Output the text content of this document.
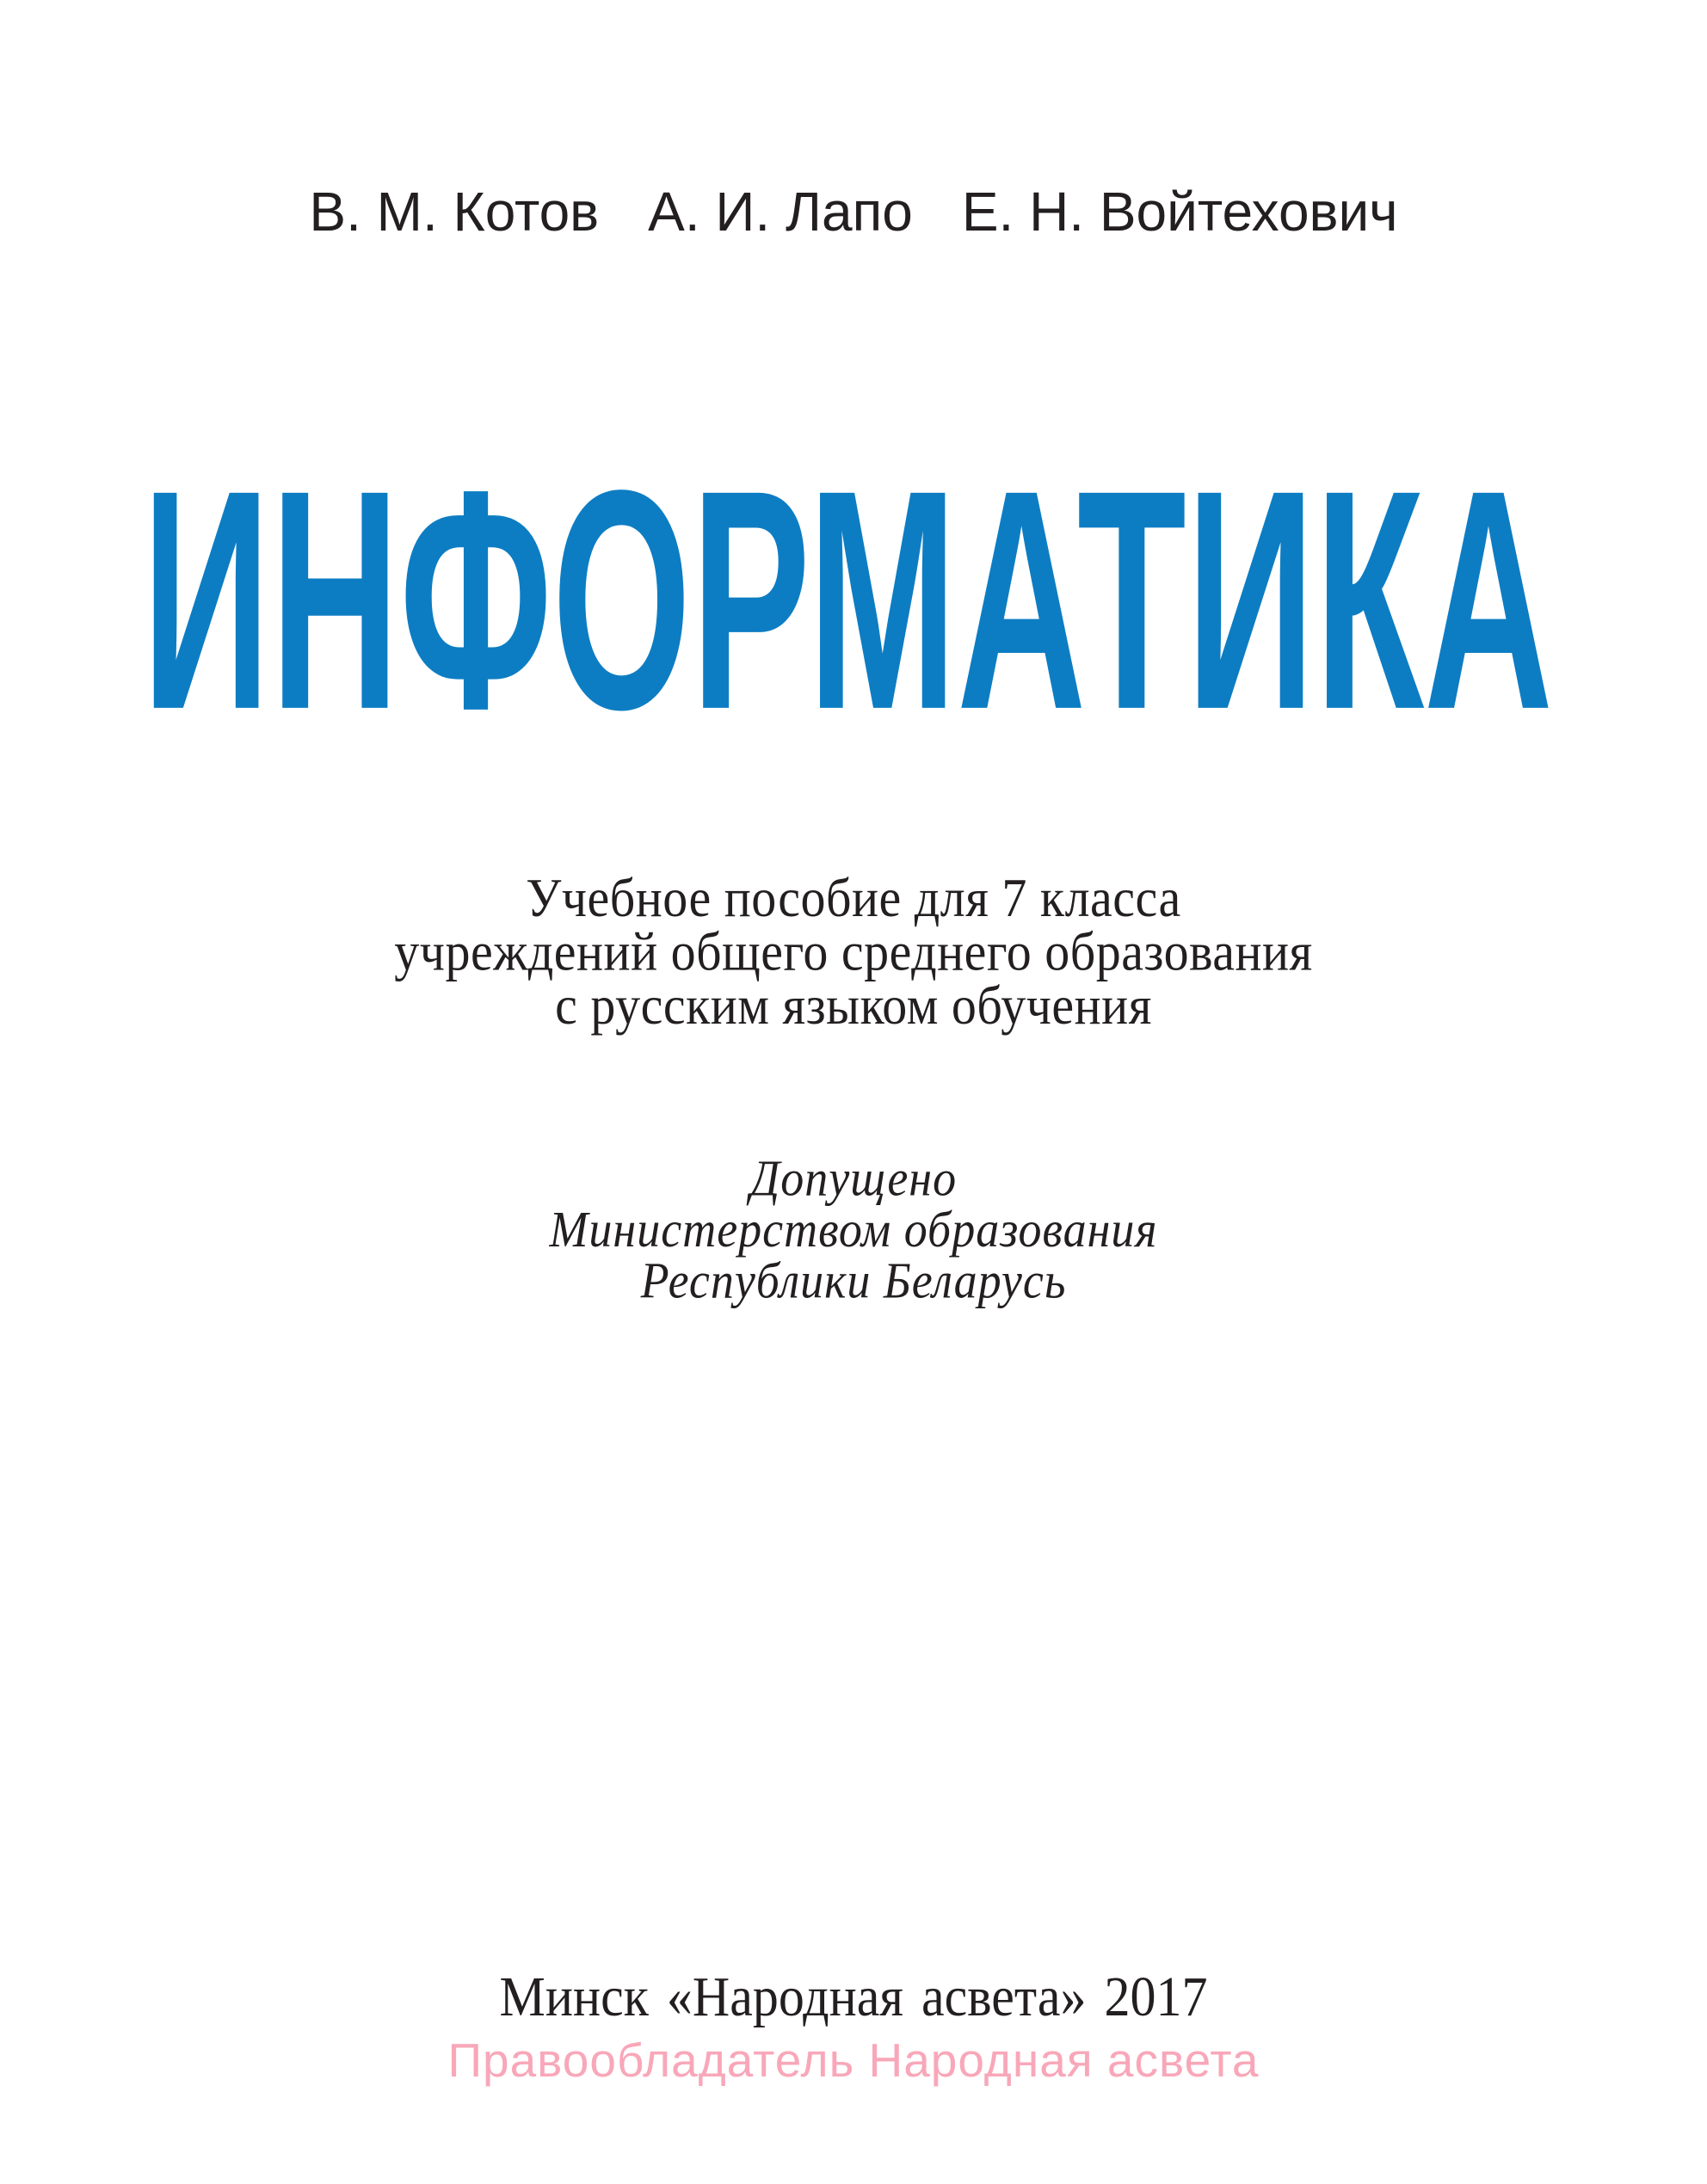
В. М. Котов А. И. Лапо Е. Н. Войтехович
ИНФОРМАТИКА
Учебное пособие для 7 класса
учреждений общего среднего образования
с русским языком обучения
Допущено
Министерством образования
Республики Беларусь
Минск «Народная асвета» 2017
Правообладатель Народная асвета
